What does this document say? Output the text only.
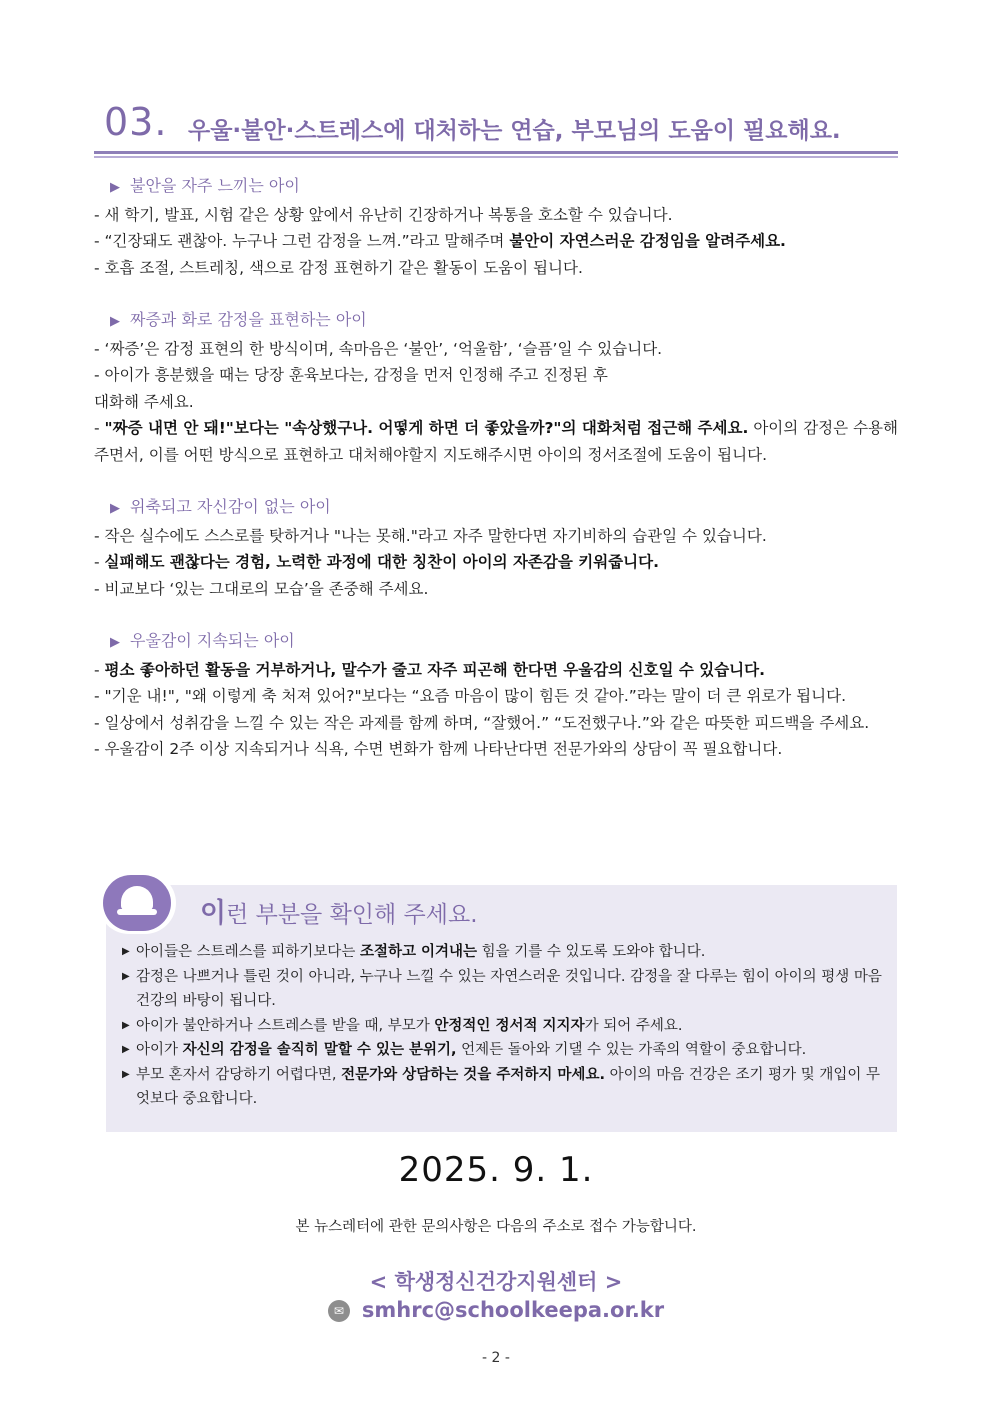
03. 우울·불안·스트레스에 대처하는 연습, 부모님의 도움이 필요해요.
▶ 불안을 자주 느끼는 아이
- 새 학기, 발표, 시험 같은 상황 앞에서 유난히 긴장하거나 복통을 호소할 수 있습니다.
- “긴장돼도 괜찮아. 누구나 그런 감정을 느껴.”라고 말해주며 불안이 자연스러운 감정임을 알려주세요.
- 호흡 조절, 스트레칭, 색으로 감정 표현하기 같은 활동이 도움이 됩니다.
▶ 짜증과 화로 감정을 표현하는 아이
- ‘짜증’은 감정 표현의 한 방식이며, 속마음은 ‘불안’, ‘억울함’, ‘슬픔’일 수 있습니다.
- 아이가 흥분했을 때는 당장 훈육보다는, 감정을 먼저 인정해 주고 진정된 후
대화해 주세요.
- "짜증 내면 안 돼!"보다는 "속상했구나. 어떻게 하면 더 좋았을까?"의 대화처럼 접근해 주세요. 아이의 감정은 수용해주면서, 이를 어떤 방식으로 표현하고 대처해야할지 지도해주시면 아이의 정서조절에 도움이 됩니다.
▶ 위축되고 자신감이 없는 아이
- 작은 실수에도 스스로를 탓하거나 "나는 못해."라고 자주 말한다면 자기비하의 습관일 수 있습니다.
- 실패해도 괜찮다는 경험, 노력한 과정에 대한 칭찬이 아이의 자존감을 키워줍니다.
- 비교보다 ‘있는 그대로의 모습’을 존중해 주세요.
▶ 우울감이 지속되는 아이
- 평소 좋아하던 활동을 거부하거나, 말수가 줄고 자주 피곤해 한다면 우울감의 신호일 수 있습니다.
- "기운 내!", "왜 이렇게 축 처져 있어?"보다는 “요즘 마음이 많이 힘든 것 같아.”라는 말이 더 큰 위로가 됩니다.
- 일상에서 성취감을 느낄 수 있는 작은 과제를 함께 하며, “잘했어.” “도전했구나.”와 같은 따뜻한 피드백을 주세요.
- 우울감이 2주 이상 지속되거나 식욕, 수면 변화가 함께 나타난다면 전문가와의 상담이 꼭 필요합니다.
이런 부분을 확인해 주세요.
▶ 아이들은 스트레스를 피하기보다는 조절하고 이겨내는 힘을 기를 수 있도록 도와야 합니다.
▶ 감정은 나쁘거나 틀린 것이 아니라, 누구나 느낄 수 있는 자연스러운 것입니다. 감정을 잘 다루는 힘이 아이의 평생 마음 건강의 바탕이 됩니다.
▶ 아이가 불안하거나 스트레스를 받을 때, 부모가 안정적인 정서적 지지자가 되어 주세요.
▶ 아이가 자신의 감정을 솔직히 말할 수 있는 분위기, 언제든 돌아와 기댈 수 있는 가족의 역할이 중요합니다.
▶ 부모 혼자서 감당하기 어렵다면, 전문가와 상담하는 것을 주저하지 마세요. 아이의 마음 건강은 조기 평가 및 개입이 무엇보다 중요합니다.
2025. 9. 1.
본 뉴스레터에 관한 문의사항은 다음의 주소로 접수 가능합니다.
< 학생정신건강지원센터 >
✉ smhrc@schoolkeepa.or.kr
- 2 -
